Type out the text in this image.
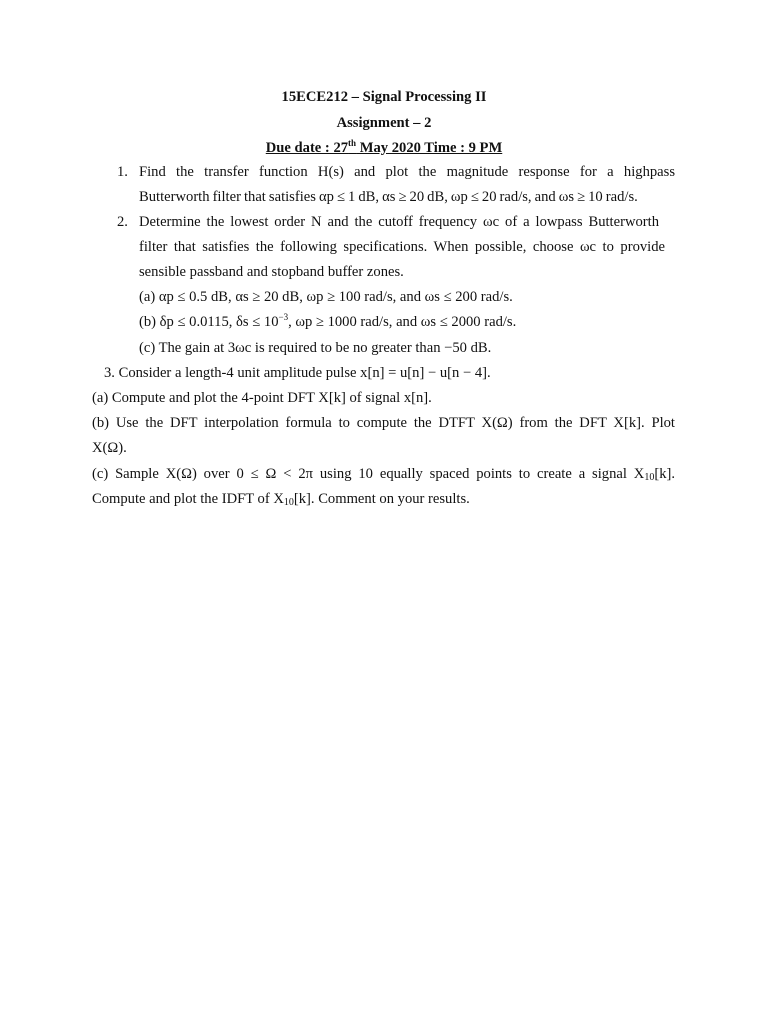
15ECE212 – Signal Processing II
Assignment – 2
Due date : 27th May 2020 Time : 9 PM
1. Find the transfer function H(s) and plot the magnitude response for a highpass
Butterworth filter that satisfies αp ≤ 1 dB, αs ≥ 20 dB, ωp ≤ 20 rad/s, and ωs ≥ 10 rad/s.
2. Determine the lowest order N and the cutoff frequency ωc of a lowpass Butterworth
filter that satisfies the following specifications. When possible, choose ωc to provide
sensible passband and stopband buffer zones.
(a) αp ≤ 0.5 dB, αs ≥ 20 dB, ωp ≥ 100 rad/s, and ωs ≤ 200 rad/s.
(b) δp ≤ 0.0115, $\delta s \le 10^{-3}$, ωp ≥ 1000 rad/s, and ωs ≤ 2000 rad/s.
(c) The gain at 3ωc is required to be no greater than −50 dB.
3. Consider a length-4 unit amplitude pulse x[n] = u[n] − u[n − 4].
(a) Compute and plot the 4-point DFT X[k] of signal x[n].
(b) Use the DFT interpolation formula to compute the DTFT X(Ω) from the DFT X[k]. Plot
X(Ω).
(c) Sample X(Ω) over 0 ≤ Ω < 2π using 10 equally spaced points to create a signal $X_{10}[k]$.
Compute and plot the IDFT of $X_{10}[k]$. Comment on your results.
